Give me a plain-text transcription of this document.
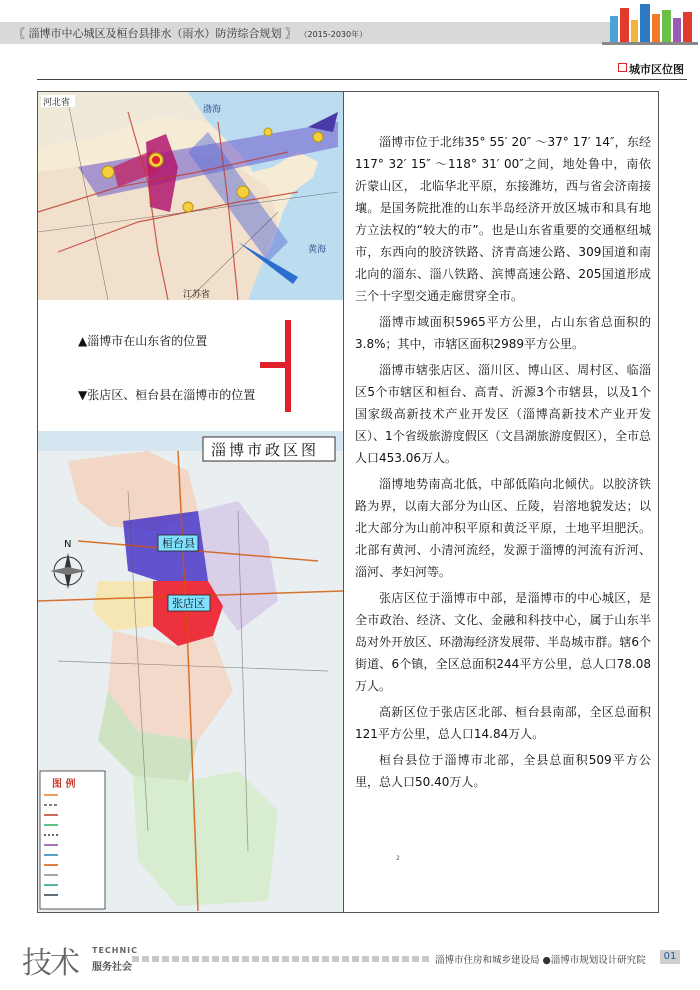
〖 淄博市中心城区及桓台县排水（雨水）防涝综合规划 〗 （2015-2030年）
城市区位图
河北省
渤海
黄海
江苏省
▲淄博市在山东省的位置
▼张店区、桓台县在淄博市的位置
淄博市政区图
N	桓台县
张店区
图 例

淄博市位于北纬35° 55′ 20″ ～37° 17′ 14″，东经117° 32′ 15″ ～118° 31′ 00″之间，地处鲁中，南依沂蒙山区， 北临华北平原，东接潍坊，西与省会济南接壤。是国务院批准的山东半岛经济开放区城市和具有地方立法权的“较大的市”。也是山东省重要的交通枢纽城市，东西向的胶济铁路、济青高速公路、309国道和南北向的淄东、淄八铁路、滨博高速公路、205国道形成三个十字型交通走廊贯穿全市。

淄博市域面积5965平方公里，占山东省总面积的3.8%；其中，市辖区面积2989平方公里。

淄博市辖张店区、淄川区、博山区、周村区、临淄区5个市辖区和桓台、高青、沂源3个市辖县，以及1个国家级高新技术产业开发区（淄博高新技术产业开发区）、1个省级旅游度假区（文昌湖旅游度假区），全市总人口453.06万人。

淄博地势南高北低，中部低陷向北倾伏。以胶济铁路为界，以南大部分为山区、丘陵，岩溶地貌发达；以北大部分为山前冲积平原和黄泛平原，土地平坦肥沃。北部有黄河、小清河流经，发源于淄博的河流有沂河、淄河、孝妇河等。

张店区位于淄博市中部，是淄博市的中心城区，是全市政治、经济、文化、金融和科技中心，属于山东半岛对外开放区、环渤海经济发展带、半岛城市群。辖6个街道、6个镇，全区总面积244平方公里，总人口78.08万人。

高新区位于张店区北部、桓台县南部，全区总面积121平方公里，总人口14.84万人。

桓台县位于淄博市北部，全县总面积509平方公里，总人口50.40万人。

2
技术 TECHNIC
服务社会
淄博市住房和城乡建设局 ●淄博市规划设计研究院	01
